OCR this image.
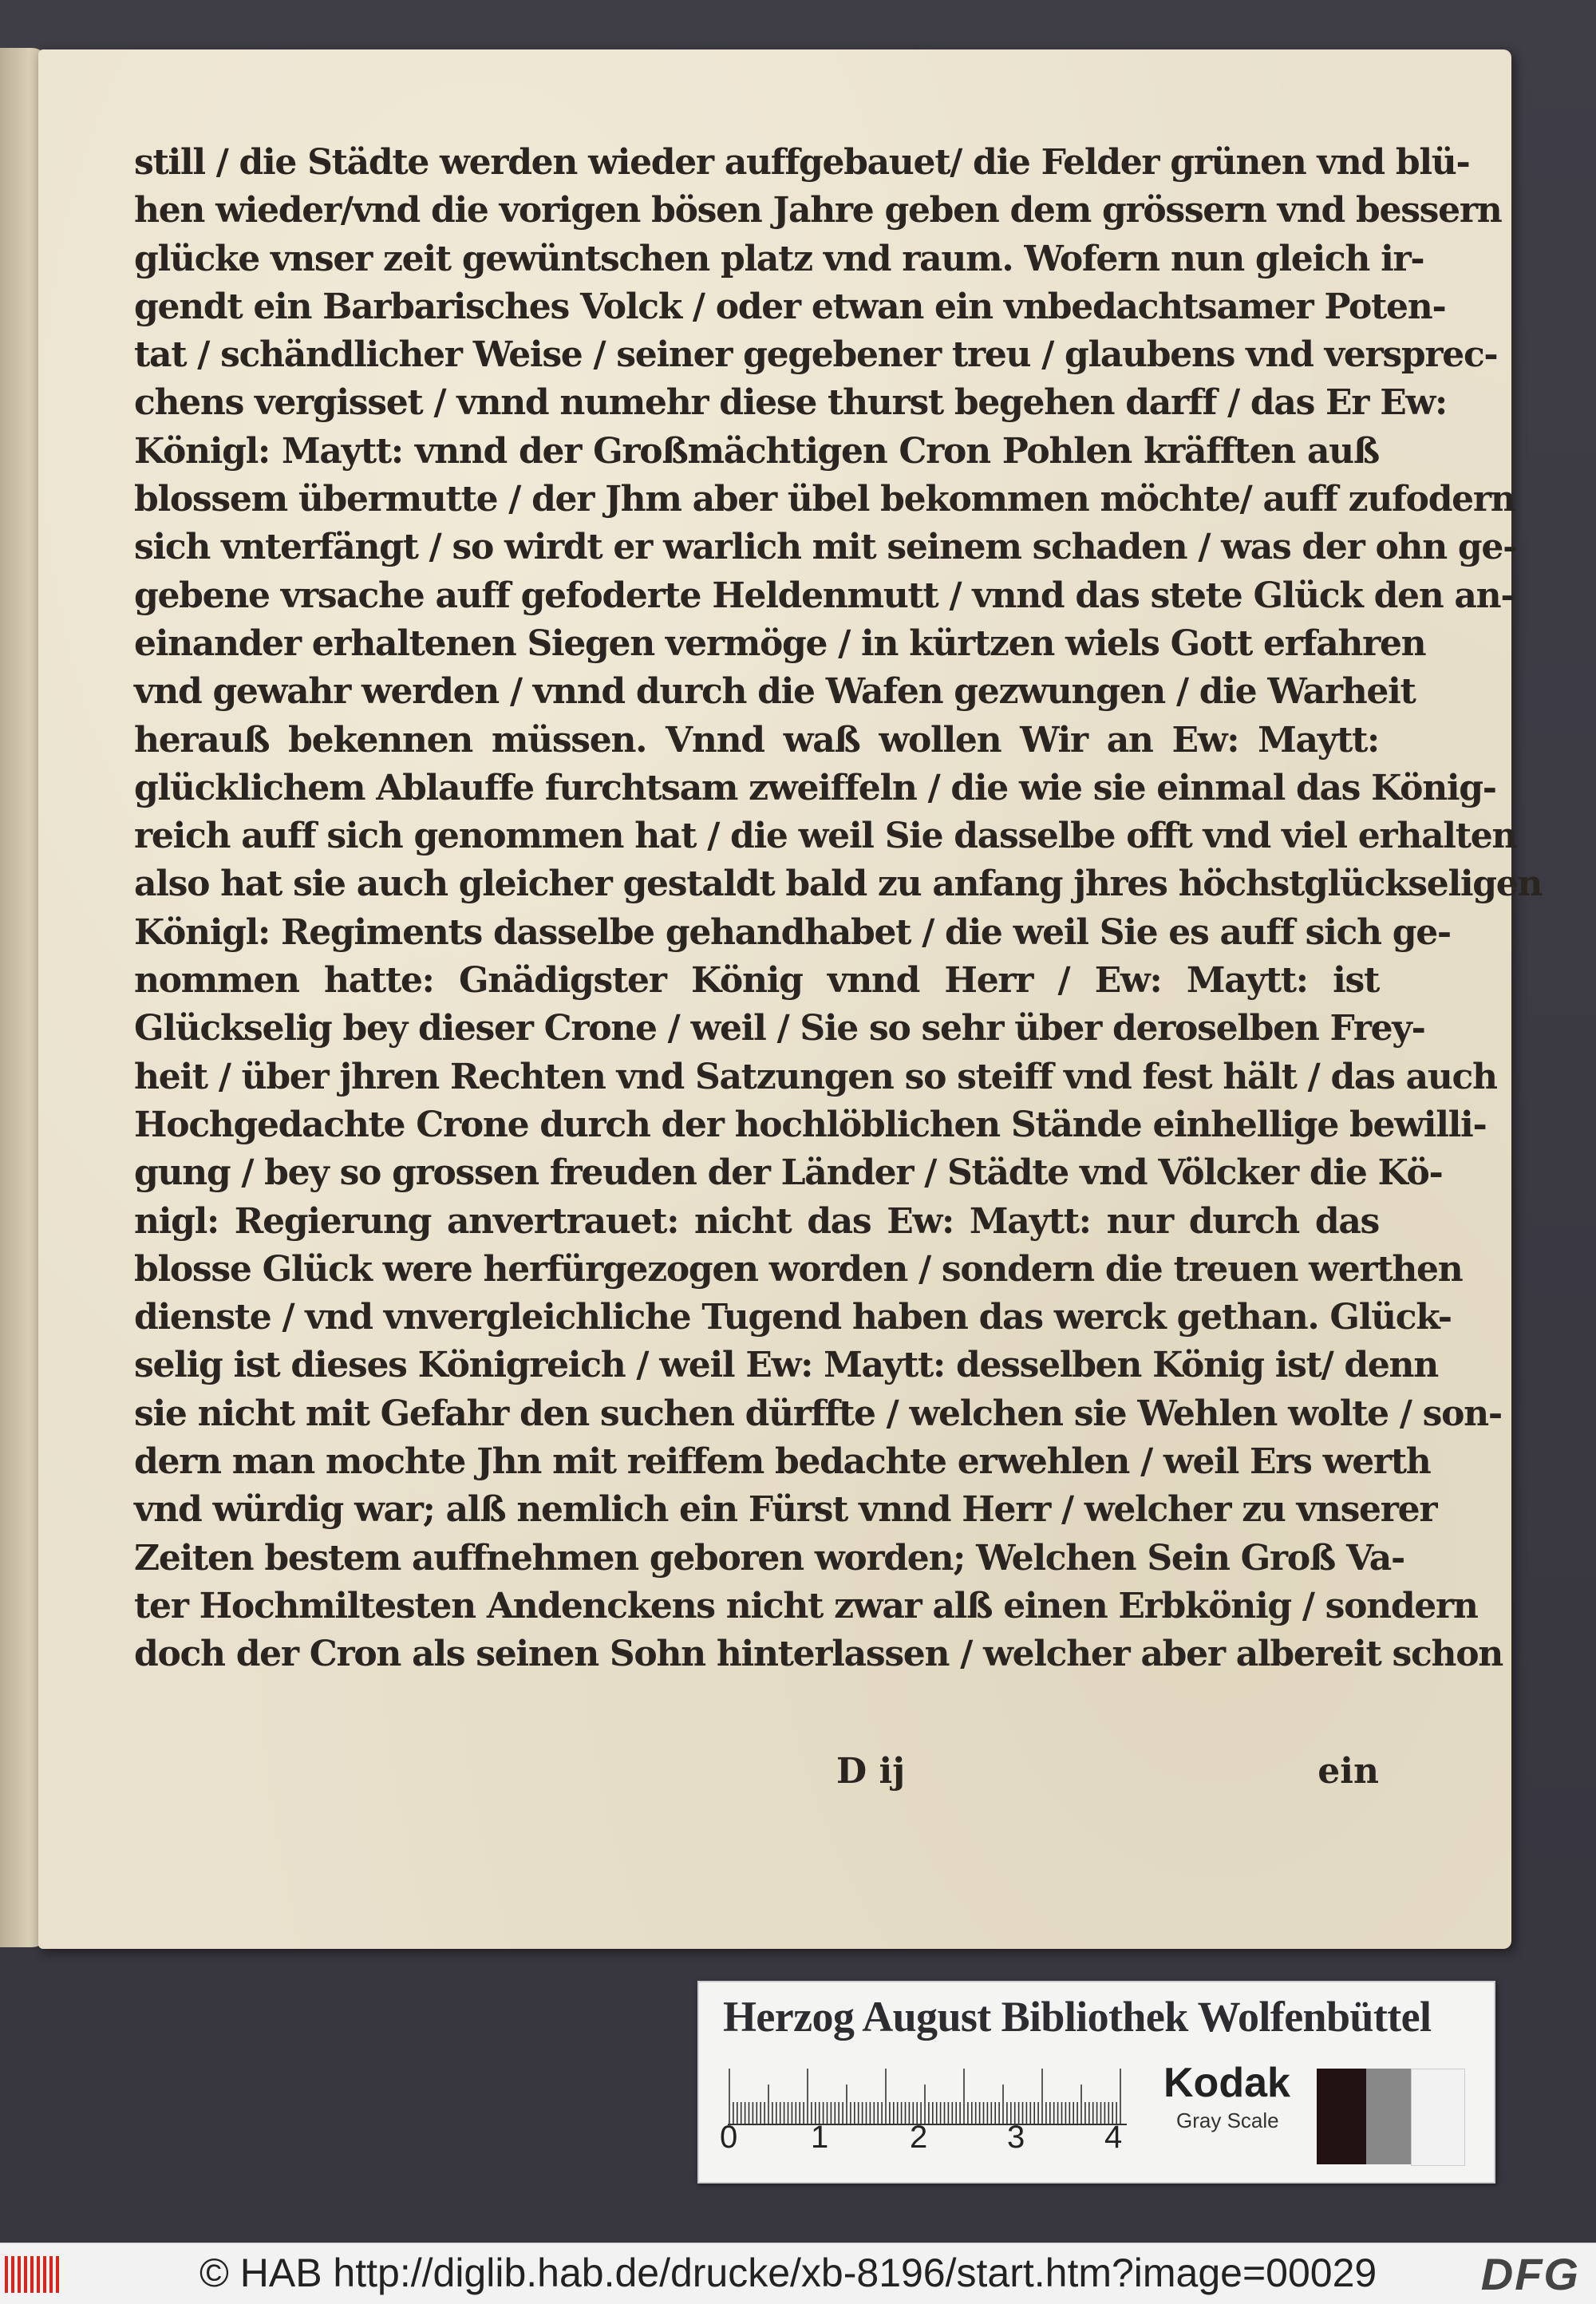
still / die Städte werden wieder auffgebauet/ die Felder grünen vnd blü-
hen wieder/vnd die vorigen bösen Jahre geben dem grössern vnd bessern
glücke vnser zeit gewüntschen platz vnd raum. Wofern nun gleich ir-
gendt ein Barbarisches Volck / oder etwan ein vnbedachtsamer Poten-
tat / schändlicher Weise / seiner gegebener treu / glaubens vnd versprec-
chens vergisset / vnnd numehr diese thurst begehen darff / das Er Ew:
Königl: Maytt: vnnd der Großmächtigen Cron Pohlen kräfften auß
blossem übermutte / der Jhm aber übel bekommen möchte/ auff zufodern
sich vnterfängt / so wirdt er warlich mit seinem schaden / was der ohn ge-
gebene vrsache auff gefoderte Heldenmutt / vnnd das stete Glück den an-
einander erhaltenen Siegen vermöge / in kürtzen wiels Gott erfahren
vnd gewahr werden / vnnd durch die Wafen gezwungen / die Warheit
herauß bekennen müssen. Vnnd waß wollen Wir an Ew: Maytt:
glücklichem Ablauffe furchtsam zweiffeln / die wie sie einmal das König-
reich auff sich genommen hat / die weil Sie dasselbe offt vnd viel erhalten
also hat sie auch gleicher gestaldt bald zu anfang jhres höchstglückseligen
Königl: Regiments dasselbe gehandhabet / die weil Sie es auff sich ge-
nommen hatte: Gnädigster König vnnd Herr / Ew: Maytt: ist
Glückselig bey dieser Crone / weil / Sie so sehr über deroselben Frey-
heit / über jhren Rechten vnd Satzungen so steiff vnd fest hält / das auch
Hochgedachte Crone durch der hochlöblichen Stände einhellige bewilli-
gung / bey so grossen freuden der Länder / Städte vnd Völcker die Kö-
nigl: Regierung anvertrauet: nicht das Ew: Maytt: nur durch das
blosse Glück were herfürgezogen worden / sondern die treuen werthen
dienste / vnd vnvergleichliche Tugend haben das werck gethan. Glück-
selig ist dieses Königreich / weil Ew: Maytt: desselben König ist/ denn
sie nicht mit Gefahr den suchen dürffte / welchen sie Wehlen wolte / son-
dern man mochte Jhn mit reiffem bedachte erwehlen / weil Ers werth
vnd würdig war; alß nemlich ein Fürst vnnd Herr / welcher zu vnserer
Zeiten bestem auffnehmen geboren worden; Welchen Sein Groß Va-
ter Hochmiltesten Andenckens nicht zwar alß einen Erbkönig / sondern
doch der Cron als seinen Sohn hinterlassen / welcher aber albereit schon
D ij	ein
Herzog August Bibliothek Wolfenbüttel
0 1	2 3 4
Kodak
Gray Scale
© HAB http://diglib.hab.de/drucke/xb-8196/start.htm?image=00029 DFG
